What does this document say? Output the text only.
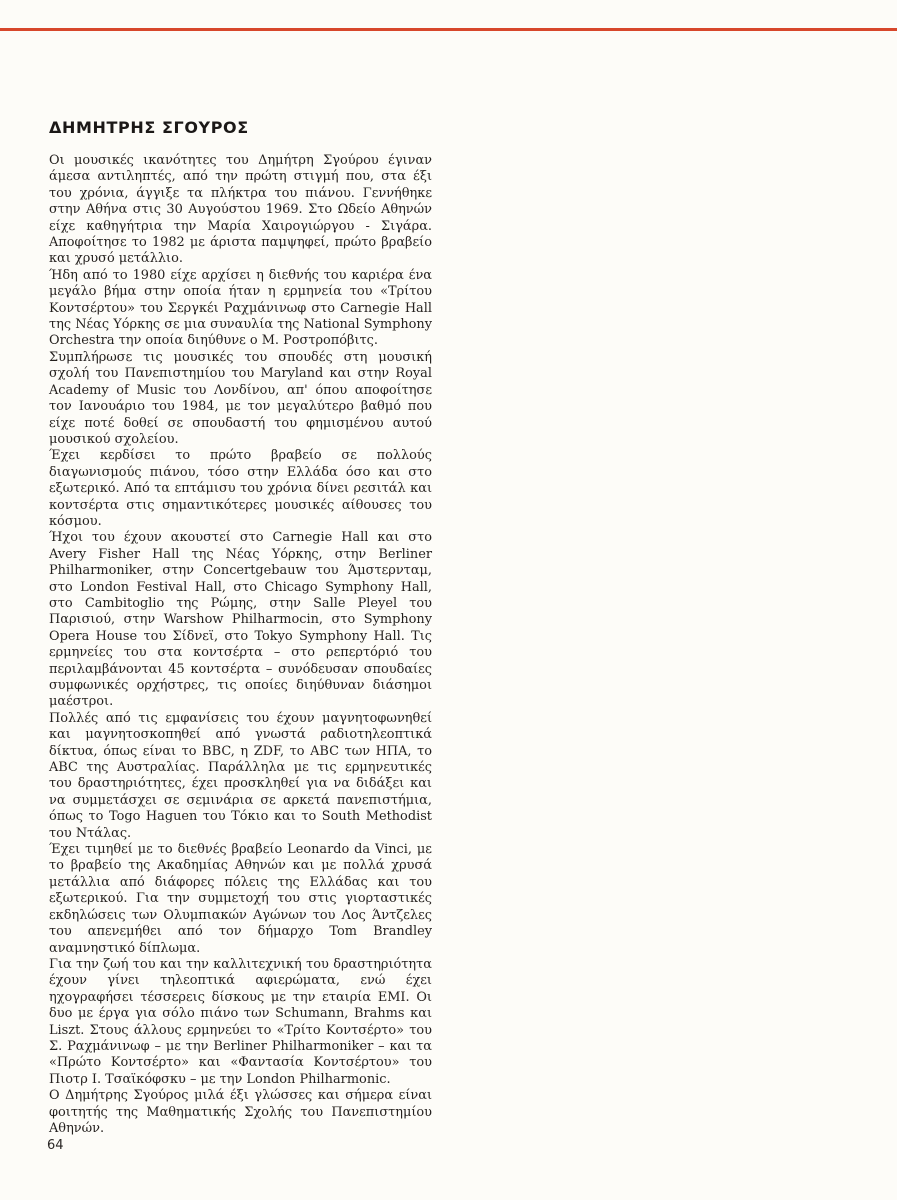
ΔΗΜΗΤΡΗΣ ΣΓΟΥΡΟΣ

Οι μουσικές ικανότητες του Δημήτρη Σγούρου έγιναν άμεσα αντιληπτές, από την πρώτη στιγμή που, στα έξι του χρόνια, άγγιξε τα πλήκτρα του πιάνου. Γεννήθηκε στην Αθήνα στις 30 Αυγούστου 1969. Στο Ωδείο Αθηνών είχε καθηγήτρια την Μαρία Χαιρογιώργου - Σιγάρα. Αποφοίτησε το 1982 με άριστα παμψηφεί, πρώτο βραβείο και χρυσό μετάλλιο.

Ήδη από το 1980 είχε αρχίσει η διεθνής του καριέρα ένα μεγάλο βήμα στην οποία ήταν η ερμηνεία του «Τρίτου Κοντσέρτου» του Σεργκέι Ραχμάνινωφ στο Carnegie Hall της Νέας Υόρκης σε μια συναυλία της National Symphony Orchestra την οποία διηύθυνε ο Μ. Ροστροπόβιτς.

Συμπλήρωσε τις μουσικές του σπουδές στη μουσική σχολή του Πανεπιστημίου του Maryland και στην Royal Academy of Music του Λονδίνου, απ' όπου αποφοίτησε τον Ιανουάριο του 1984, με τον μεγαλύτερο βαθμό που είχε ποτέ δοθεί σε σπουδαστή του φημισμένου αυτού μουσικού σχολείου.

Έχει κερδίσει το πρώτο βραβείο σε πολλούς διαγωνισμούς πιάνου, τόσο στην Ελλάδα όσο και στο εξωτερικό. Από τα επτάμισυ του χρόνια δίνει ρεσιτάλ και κοντσέρτα στις σημαντικότερες μουσικές αίθουσες του κόσμου.

Ήχοι του έχουν ακουστεί στο Carnegie Hall και στο Avery Fisher Hall της Νέας Υόρκης, στην Berliner Philharmoniker, στην Concertgebauw του Άμστερνταμ, στο London Festival Hall, στο Chicago Symphony Hall, στο Cambitoglio της Ρώμης, στην Salle Pleyel του Παρισιού, στην Warshow Philharmocin, στο Symphony Opera House του Σίδνεϊ, στο Tokyo Symphony Hall. Τις ερμηνείες του στα κοντσέρτα – στο ρεπερτόριό του περιλαμβάνονται 45 κοντσέρτα – συνόδευσαν σπουδαίες συμφωνικές ορχήστρες, τις οποίες διηύθυναν διάσημοι μαέστροι.

Πολλές από τις εμφανίσεις του έχουν μαγνητοφωνηθεί και μαγνητοσκοπηθεί από γνωστά ραδιοτηλεοπτικά δίκτυα, όπως είναι το BBC, η ZDF, το ABC των ΗΠΑ, το ABC της Αυστραλίας. Παράλληλα με τις ερμηνευτικές του δραστηριότητες, έχει προσκληθεί για να διδάξει και να συμμετάσχει σε σεμινάρια σε αρκετά πανεπιστήμια, όπως το Togo Haguen του Τόκιο και το South Methodist του Ντάλας.

Έχει τιμηθεί με το διεθνές βραβείο Leonardo da Vinci, με το βραβείο της Ακαδημίας Αθηνών και με πολλά χρυσά μετάλλια από διάφορες πόλεις της Ελλάδας και του εξωτερικού. Για την συμμετοχή του στις γιορταστικές εκδηλώσεις των Ολυμπιακών Αγώνων του Λος Άντζελες του απενεμήθει από τον δήμαρχο Tom Brandley αναμνηστικό δίπλωμα.

Για την ζωή του και την καλλιτεχνική του δραστηριότητα έχουν γίνει τηλεοπτικά αφιερώματα, ενώ έχει ηχογραφήσει τέσσερεις δίσκους με την εταιρία ΕΜΙ. Οι δυο με έργα για σόλο πιάνο των Schumann, Brahms και Liszt. Στους άλλους ερμηνεύει το «Τρίτο Κοντσέρτο» του Σ. Ραχμάνινωφ – με την Berliner Philharmoniker – και τα «Πρώτο Κοντσέρτο» και «Φαντασία Κοντσέρτου» του Πιοτρ Ι. Τσαϊκόφσκυ – με την London Philharmonic.

Ο Δημήτρης Σγούρος μιλά έξι γλώσσες και σήμερα είναι φοιτητής της Μαθηματικής Σχολής του Πανεπιστημίου Αθηνών.

64
